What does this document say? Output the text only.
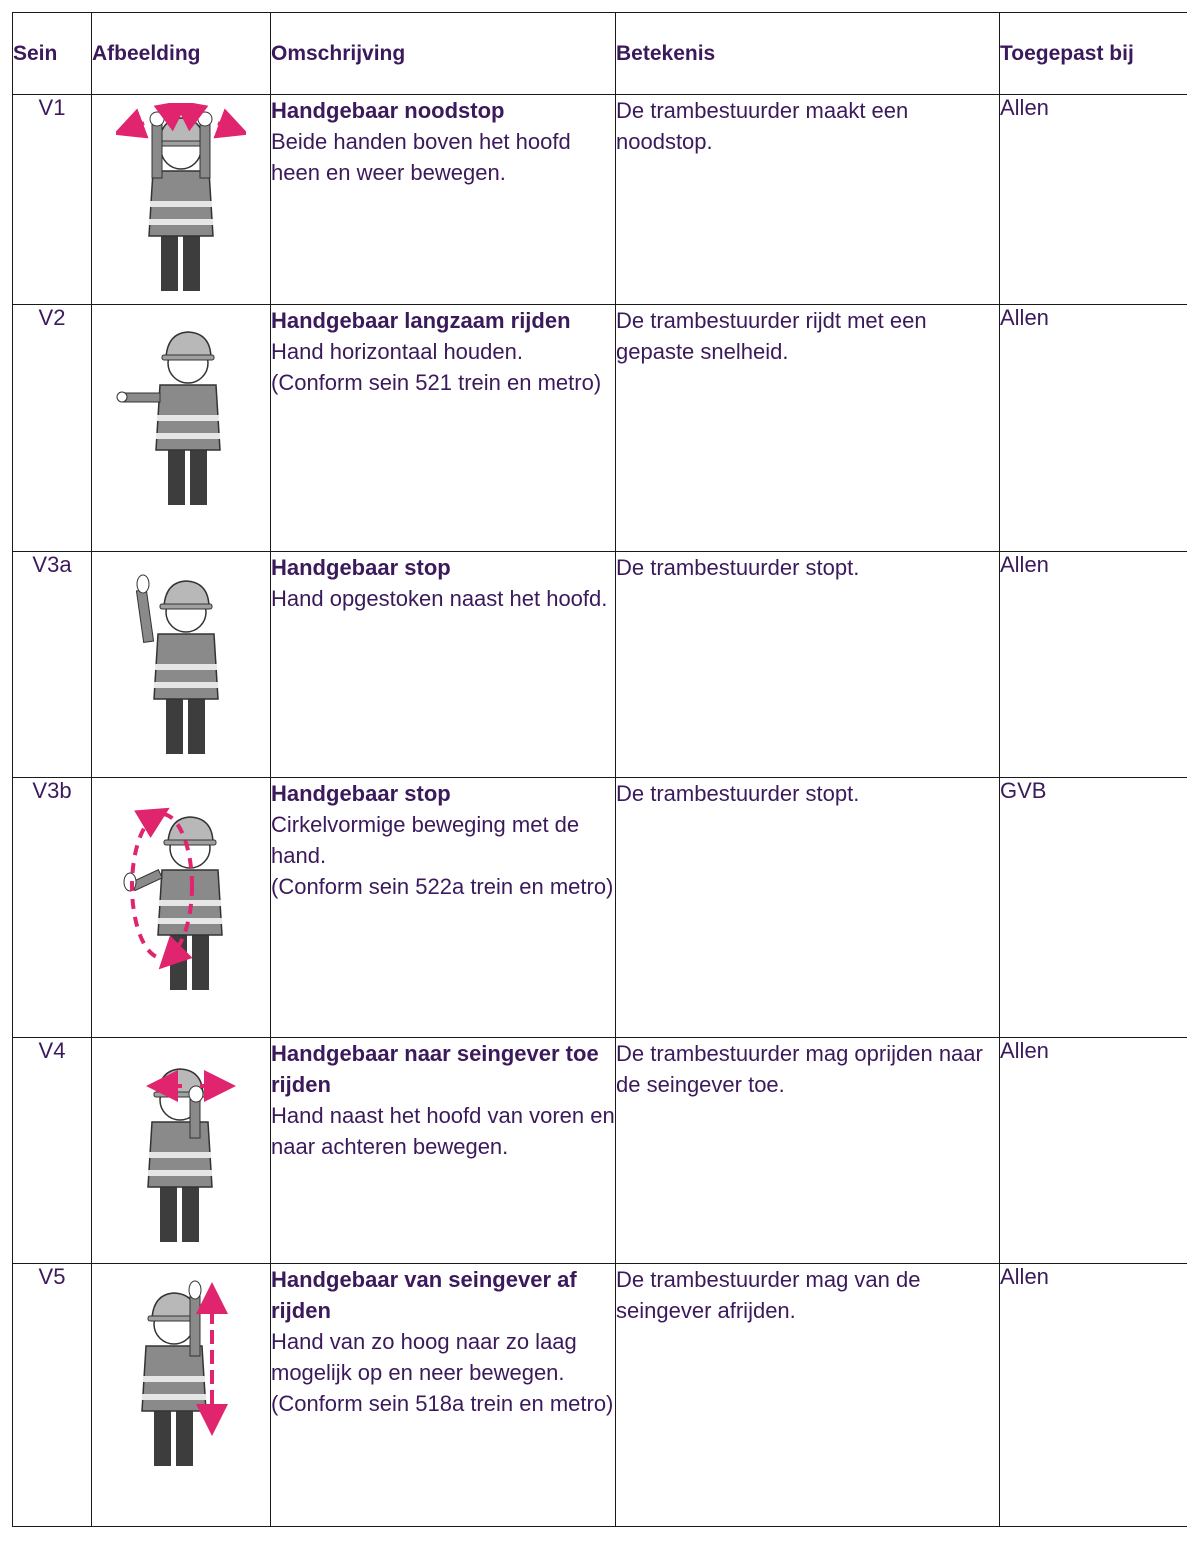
Sein	Afbeelding	Omschrijving	Betekenis	Toegepast bij
V1		Handgebaar noodstop
Beide handen boven het hoofd heen en weer bewegen.	De trambestuurder maakt een noodstop.	Allen
V2		Handgebaar langzaam rijden
Hand horizontaal houden.
(Conform sein 521 trein en metro)	De trambestuurder rijdt met een gepaste snelheid.	Allen
V3a		Handgebaar stop
Hand opgestoken naast het hoofd.	De trambestuurder stopt.	Allen
V3b		Handgebaar stop
Cirkelvormige beweging met de hand.
(Conform sein 522a trein en metro)	De trambestuurder stopt.	GVB
V4		Handgebaar naar seingever toe rijden
Hand naast het hoofd van voren en naar achteren bewegen.	De trambestuurder mag oprijden naar de seingever toe.	Allen
V5		Handgebaar van seingever af rijden
Hand van zo hoog naar zo laag mogelijk op en neer bewegen.
(Conform sein 518a trein en metro)	De trambestuurder mag van de seingever afrijden.	Allen
